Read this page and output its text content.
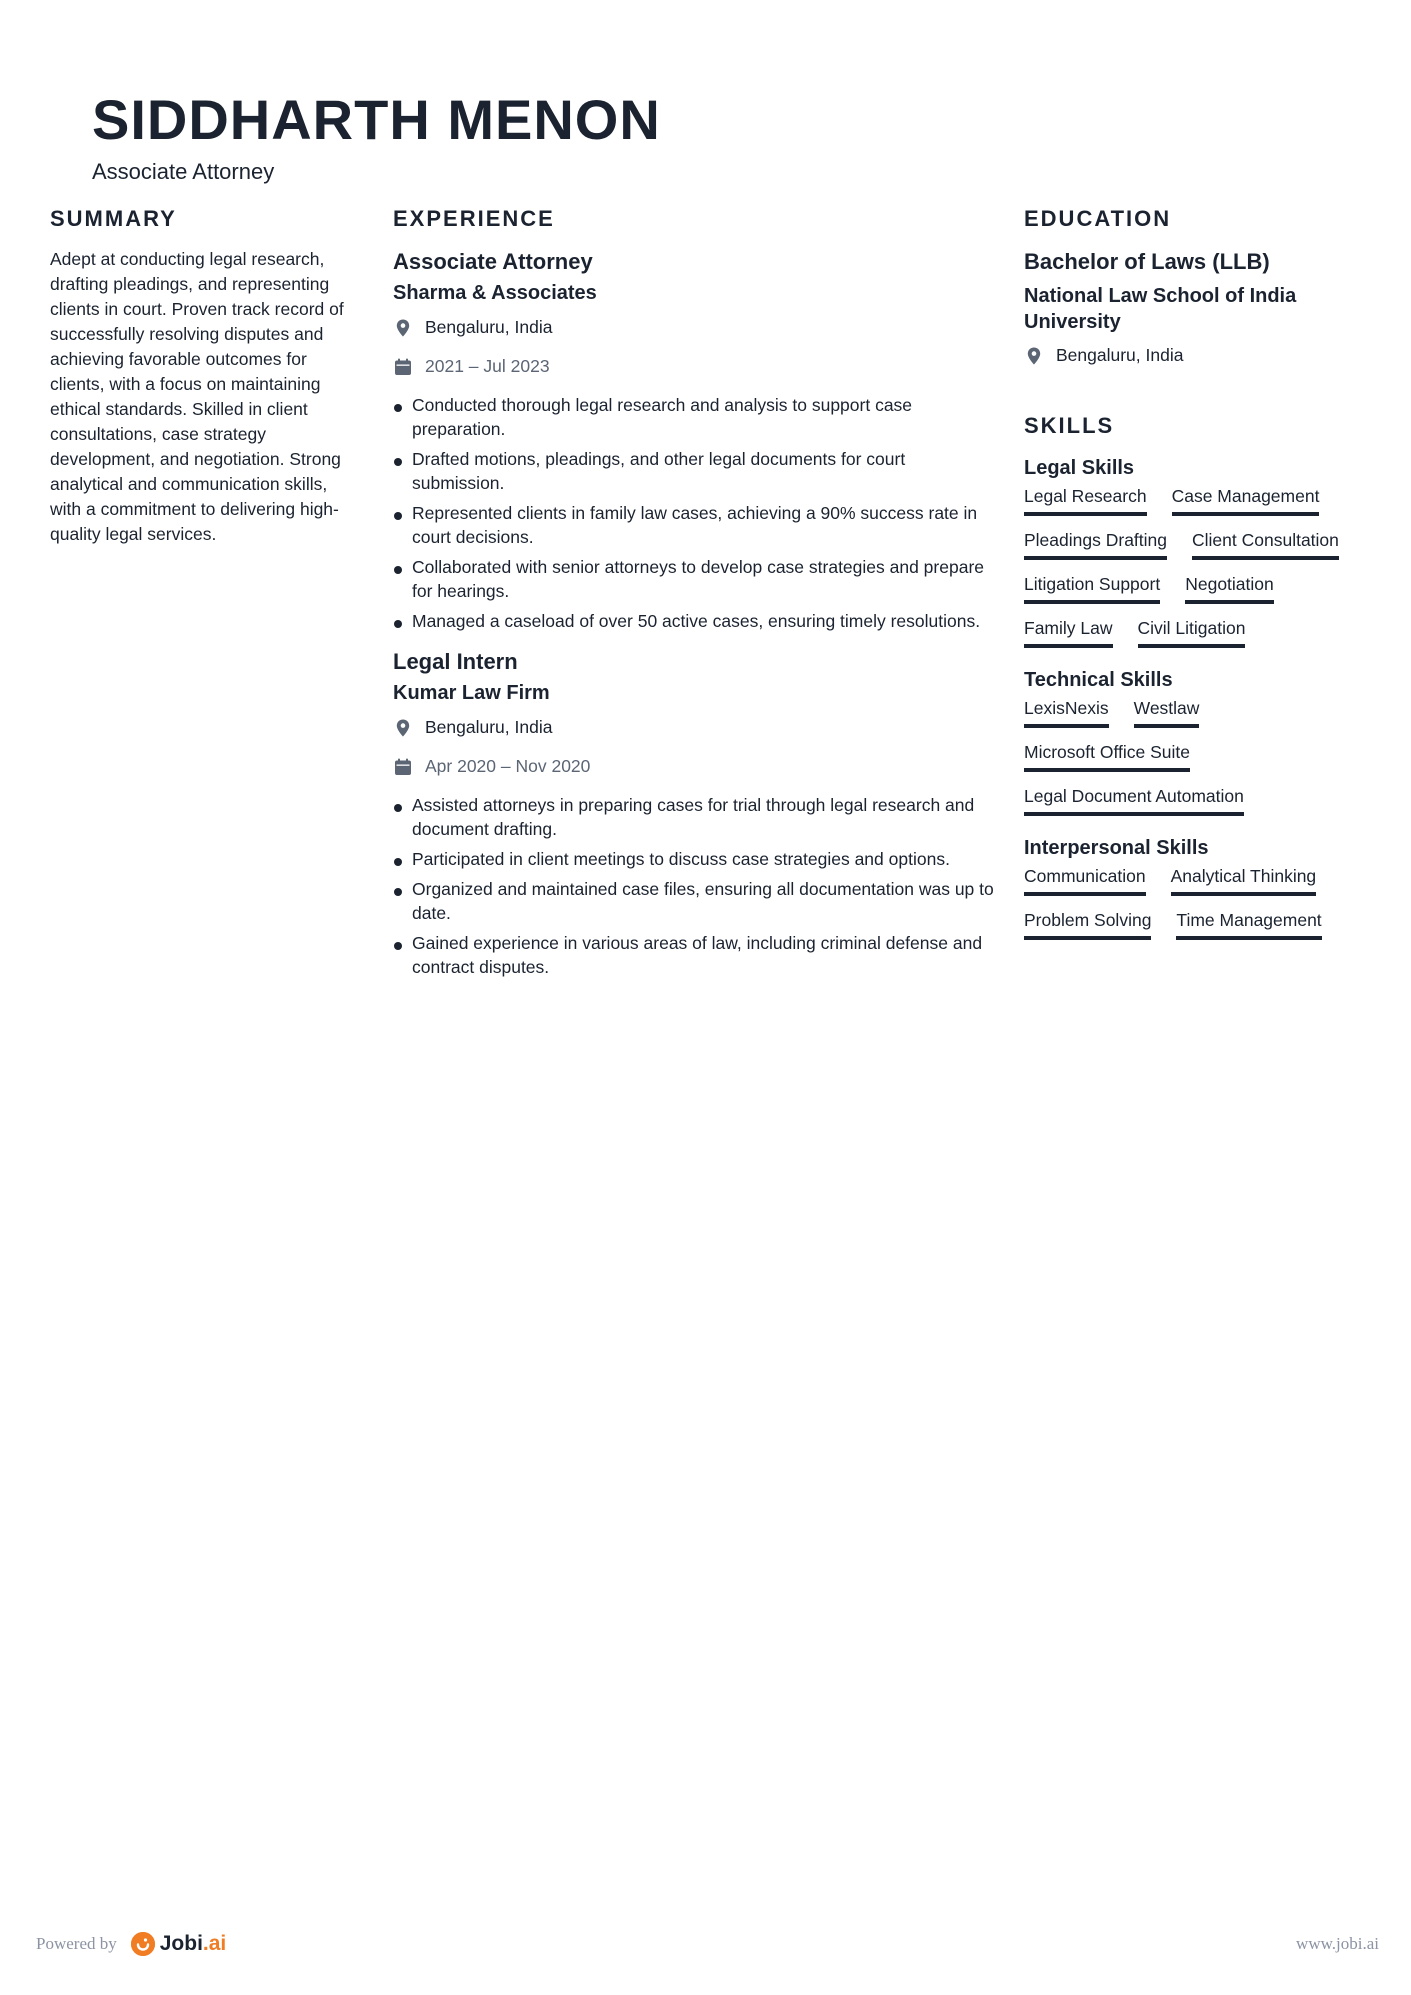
SIDDHARTH MENON
Associate Attorney
SUMMARY
Adept at conducting legal research, drafting pleadings, and representing clients in court. Proven track record of successfully resolving disputes and achieving favorable outcomes for clients, with a focus on maintaining ethical standards. Skilled in client consultations, case strategy development, and negotiation. Strong analytical and communication skills, with a commitment to delivering high-quality legal services.
EXPERIENCE
Associate Attorney
Sharma & Associates
Bengaluru, India
2021 – Jul 2023
Conducted thorough legal research and analysis to support case preparation.
Drafted motions, pleadings, and other legal documents for court submission.
Represented clients in family law cases, achieving a 90% success rate in court decisions.
Collaborated with senior attorneys to develop case strategies and prepare for hearings.
Managed a caseload of over 50 active cases, ensuring timely resolutions.
Legal Intern
Kumar Law Firm
Bengaluru, India
Apr 2020 – Nov 2020
Assisted attorneys in preparing cases for trial through legal research and document drafting.
Participated in client meetings to discuss case strategies and options.
Organized and maintained case files, ensuring all documentation was up to date.
Gained experience in various areas of law, including criminal defense and contract disputes.
EDUCATION
Bachelor of Laws (LLB)
National Law School of India University
Bengaluru, India
SKILLS
Legal Skills
Legal Research Case Management
Pleadings Drafting Client Consultation
Litigation Support Negotiation
Family Law Civil Litigation
Technical Skills
LexisNexis Westlaw
Microsoft Office Suite
Legal Document Automation
Interpersonal Skills
Communication Analytical Thinking
Problem Solving Time Management
Powered by Jobi.ai	www.jobi.ai
